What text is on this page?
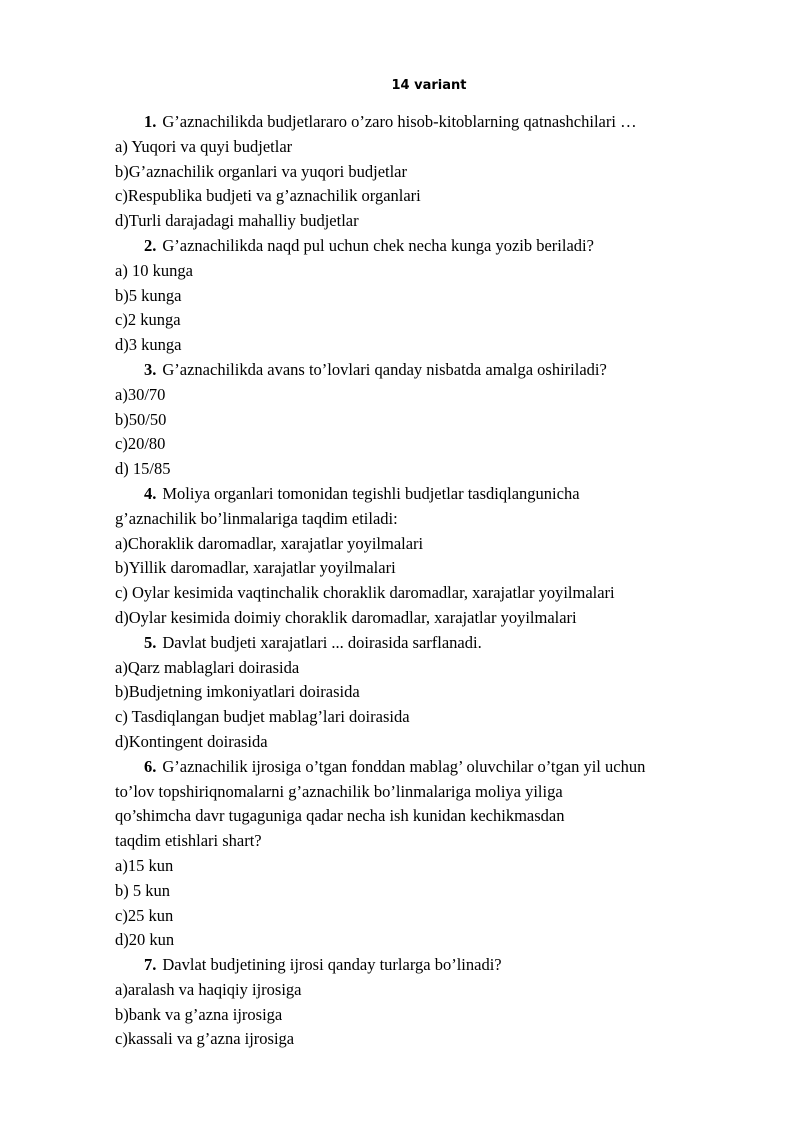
14 variant

1. G’aznachilikda budjetlararo o’zaro hisob-kitoblarning qatnashchilari …

a) Yuqori va quyi budjetlar

b)G’aznachilik organlari va yuqori budjetlar

c)Respublika budjeti va g’aznachilik organlari

d)Turli darajadagi mahalliy budjetlar

2. G’aznachilikda naqd pul uchun chek necha kunga yozib beriladi?

a) 10 kunga

b)5 kunga

c)2 kunga

d)3 kunga

3. G’aznachilikda avans to’lovlari qanday nisbatda amalga oshiriladi?

a)30/70

b)50/50

c)20/80

d) 15/85

4. Moliya organlari tomonidan tegishli budjetlar tasdiqlangunicha

g’aznachilik bo’linmalariga taqdim etiladi:

a)Choraklik daromadlar, xarajatlar yoyilmalari

b)Yillik daromadlar, xarajatlar yoyilmalari

c) Oylar kesimida vaqtinchalik choraklik daromadlar, xarajatlar yoyilmalari

d)Oylar kesimida doimiy choraklik daromadlar, xarajatlar yoyilmalari

5. Davlat budjeti xarajatlari ... doirasida sarflanadi.

a)Qarz mablaglari doirasida

b)Budjetning imkoniyatlari doirasida

c) Tasdiqlangan budjet mablag’lari doirasida

d)Kontingent doirasida

6. G’aznachilik ijrosiga o’tgan fonddan mablag’ oluvchilar o’tgan yil uchun

to’lov topshiriqnomalarni g’aznachilik bo’linmalariga moliya yiliga

qo’shimcha davr tugaguniga qadar necha ish kunidan kechikmasdan

taqdim etishlari shart?

a)15 kun

b) 5 kun

c)25 kun

d)20 kun

7. Davlat budjetining ijrosi qanday turlarga bo’linadi?

a)aralash va haqiqiy ijrosiga

b)bank va g’azna ijrosiga

c)kassali va g’azna ijrosiga
